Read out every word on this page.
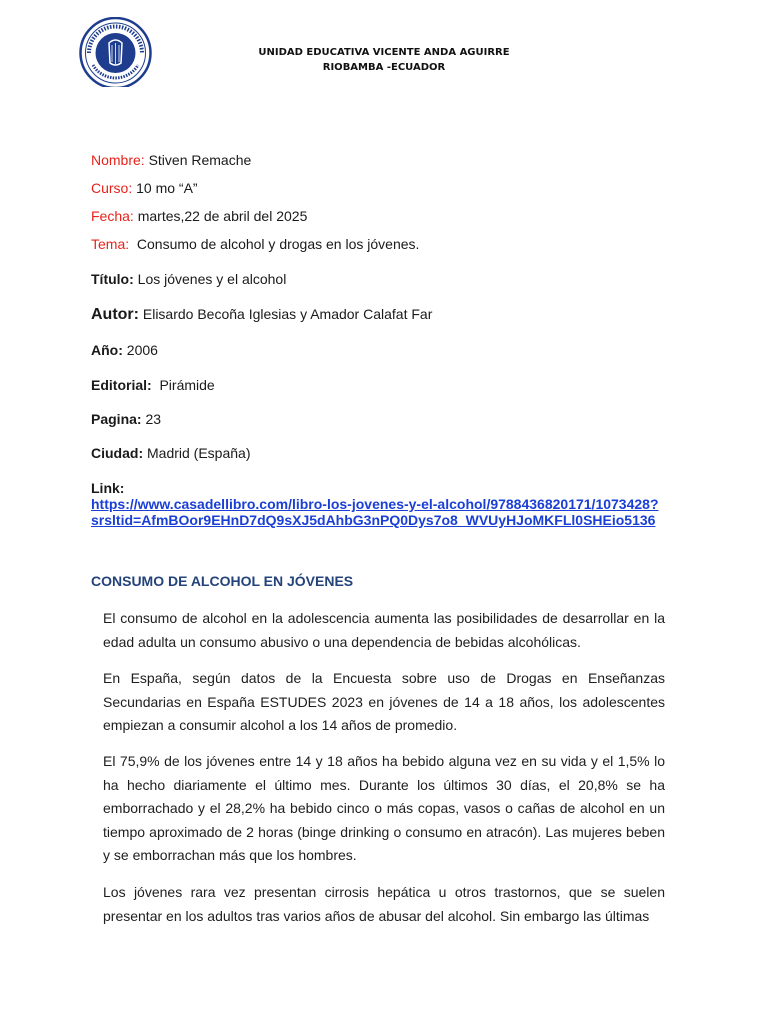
UNIDAD EDUCATIVA VICENTE ANDA AGUIRRE
RIOBAMBA -ECUADOR
Nombre: Stiven Remache
Curso: 10 mo “A”
Fecha: martes,22 de abril del 2025
Tema: Consumo de alcohol y drogas en los jóvenes.
Título: Los jóvenes y el alcohol
Autor: Elisardo Becoña Iglesias y Amador Calafat Far
Año: 2006
Editorial: Pirámide
Pagina: 23
Ciudad: Madrid (España)
Link:
https://www.casadellibro.com/libro-los-jovenes-y-el-alcohol/9788436820171/1073428?
srsltid=AfmBOor9EHnD7dQ9sXJ5dAhbG3nPQ0Dys7o8_WVUyHJoMKFLl0SHEio5136
CONSUMO DE ALCOHOL EN JÓVENES
El consumo de alcohol en la adolescencia aumenta las posibilidades de desarrollar en la edad adulta un consumo abusivo o una dependencia de bebidas alcohólicas.
En España, según datos de la Encuesta sobre uso de Drogas en Enseñanzas Secundarias en España ESTUDES 2023 en jóvenes de 14 a 18 años, los adolescentes empiezan a consumir alcohol a los 14 años de promedio.
El 75,9% de los jóvenes entre 14 y 18 años ha bebido alguna vez en su vida y el 1,5% lo ha hecho diariamente el último mes. Durante los últimos 30 días, el 20,8% se ha emborrachado y el 28,2% ha bebido cinco o más copas, vasos o cañas de alcohol en un tiempo aproximado de 2 horas (binge drinking o consumo en atracón). Las mujeres beben y se emborrachan más que los hombres.
Los jóvenes rara vez presentan cirrosis hepática u otros trastornos, que se suelen presentar en los adultos tras varios años de abusar del alcohol. Sin embargo las últimas
